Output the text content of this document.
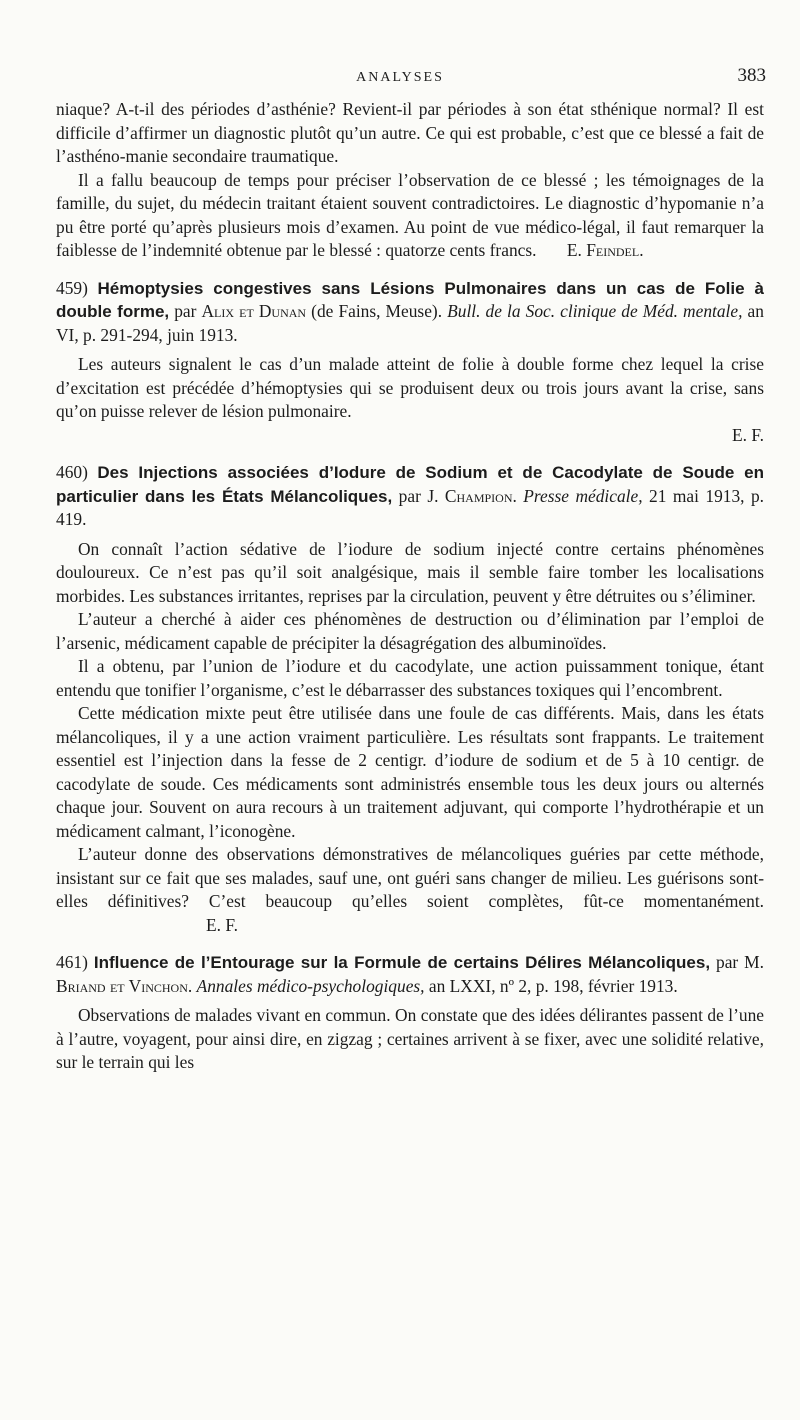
ANALYSES	383

niaque? A-t-il des périodes d’asthénie? Revient-il par périodes à son état sthénique normal? Il est difficile d’affirmer un diagnostic plutôt qu’un autre. Ce qui est probable, c’est que ce blessé a fait de l’asthéno-manie secondaire traumatique.

Il a fallu beaucoup de temps pour préciser l’observation de ce blessé ; les témoignages de la famille, du sujet, du médecin traitant étaient souvent contradictoires. Le diagnostic d’hypomanie n’a pu être porté qu’après plusieurs mois d’examen. Au point de vue médico-légal, il faut remarquer la faiblesse de l’indemnité obtenue par le blessé : quatorze cents francs. E. Feindel.

459) Hémoptysies congestives sans Lésions Pulmonaires dans un cas de Folie à double forme, par Alix et Dunan (de Fains, Meuse). Bull. de la Soc. clinique de Méd. mentale, an VI, p. 291-294, juin 1913.

Les auteurs signalent le cas d’un malade atteint de folie à double forme chez lequel la crise d’excitation est précédée d’hémoptysies qui se produisent deux ou trois jours avant la crise, sans qu’on puisse relever de lésion pulmonaire.

E. F.

460) Des Injections associées d’Iodure de Sodium et de Cacodylate de Soude en particulier dans les États Mélancoliques, par J. Champion. Presse médicale, 21 mai 1913, p. 419.

On connaît l’action sédative de l’iodure de sodium injecté contre certains phénomènes douloureux. Ce n’est pas qu’il soit analgésique, mais il semble faire tomber les localisations morbides. Les substances irritantes, reprises par la circulation, peuvent y être détruites ou s’éliminer.

L’auteur a cherché à aider ces phénomènes de destruction ou d’élimination par l’emploi de l’arsenic, médicament capable de précipiter la désagrégation des albuminoïdes.

Il a obtenu, par l’union de l’iodure et du cacodylate, une action puissamment tonique, étant entendu que tonifier l’organisme, c’est le débarrasser des substances toxiques qui l’encombrent.

Cette médication mixte peut être utilisée dans une foule de cas différents. Mais, dans les états mélancoliques, il y a une action vraiment particulière. Les résultats sont frappants. Le traitement essentiel est l’injection dans la fesse de 2 centigr. d’iodure de sodium et de 5 à 10 centigr. de cacodylate de soude. Ces médicaments sont administrés ensemble tous les deux jours ou alternés chaque jour. Souvent on aura recours à un traitement adjuvant, qui comporte l’hydrothérapie et un médicament calmant, l’iconogène.

L’auteur donne des observations démonstratives de mélancoliques guéries par cette méthode, insistant sur ce fait que ses malades, sauf une, ont guéri sans changer de milieu. Les guérisons sont-elles définitives? C’est beaucoup qu’elles soient complètes, fût-ce momentanément.E. F.

461) Influence de l’Entourage sur la Formule de certains Délires Mélancoliques, par M. Briand et Vinchon. Annales médico-psychologiques, an LXXI, nº 2, p. 198, février 1913.

Observations de malades vivant en commun. On constate que des idées délirantes passent de l’une à l’autre, voyagent, pour ainsi dire, en zigzag ; certaines arrivent à se fixer, avec une solidité relative, sur le terrain qui les
